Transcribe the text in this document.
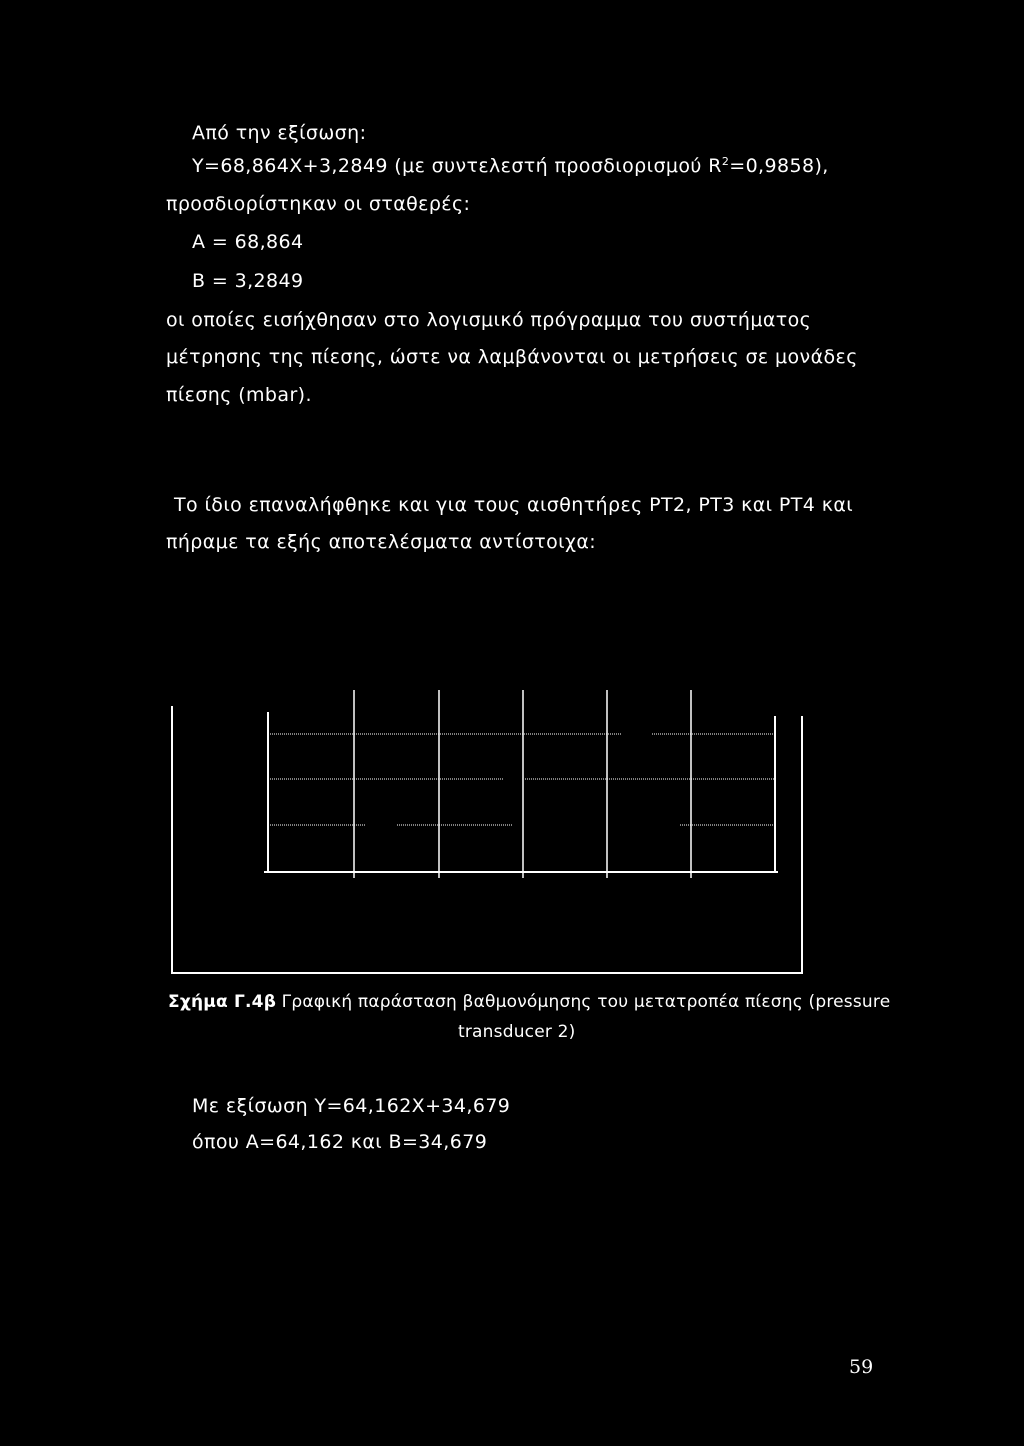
Από την εξίσωση:
Y=68,864X+3,2849 (με συντελεστή προσδιορισμού $R^2=0,9858$),
προσδιορίστηκαν οι σταθερές:
A = 68,864
B = 3,2849
οι οποίες εισήχθησαν στο λογισμικό πρόγραμμα του συστήματος
μέτρησης της πίεσης, ώστε να λαμβάνονται οι μετρήσεις σε μονάδες
πίεσης (mbar).
Το ίδιο επαναλήφθηκε και για τους αισθητήρες PT2, PT3 και PT4 και
πήραμε τα εξής αποτελέσματα αντίστοιχα:
Σχήμα Γ.4β Γραφική παράσταση βαθμονόμησης του μετατροπέα πίεσης (pressure
transducer 2)
Με εξίσωση Y=64,162X+34,679
όπου A=64,162 και B=34,679
59
